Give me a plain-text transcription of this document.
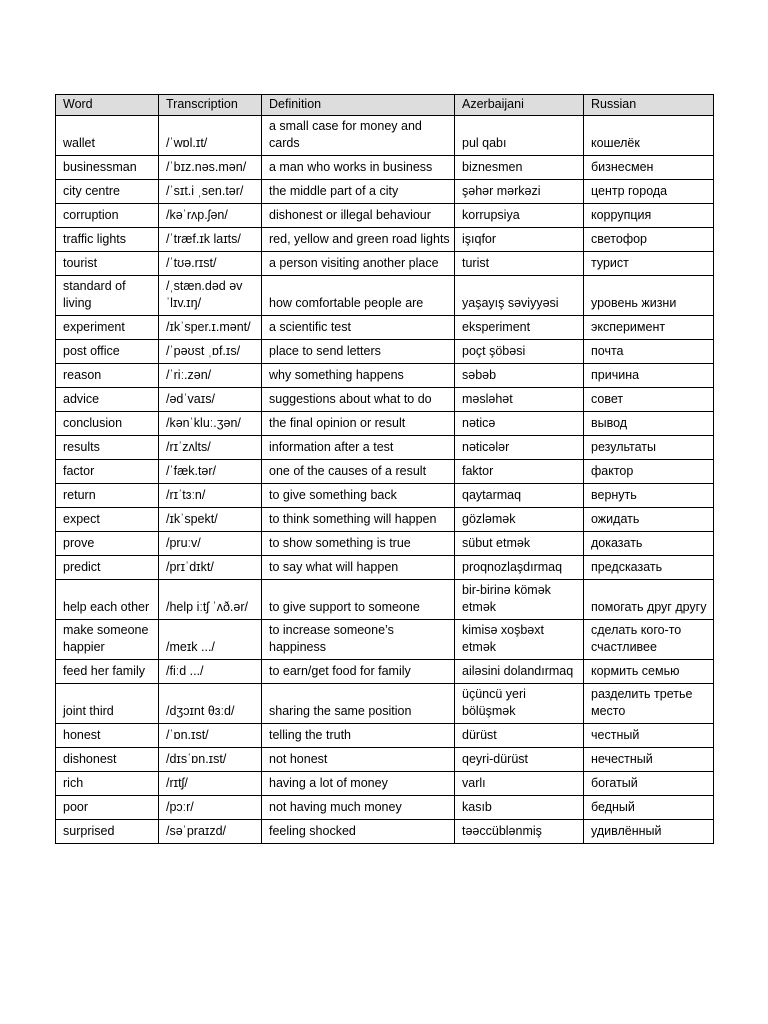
Word	Transcription	Definition	Azerbaijani	Russian
wallet	/ˈwɒl.ɪt/	a small case for money and cards	pul qabı	кошелёк
businessman	/ˈbɪz.nəs.mən/	a man who works in business	biznesmen	бизнесмен
city centre	/ˈsɪt.i ˌsen.tər/	the middle part of a city	şəhər mərkəzi	центр города
corruption	/kəˈrʌp.ʃən/	dishonest or illegal behaviour	korrupsiya	коррупция
traffic lights	/ˈtræf.ɪk laɪts/	red, yellow and green road lights	işıqfor	светофор
tourist	/ˈtʊə.rɪst/	a person visiting another place	turist	турист
standard of living	/ˌstæn.dəd əv ˈlɪv.ɪŋ/	how comfortable people are	yaşayış səviyyəsi	уровень жизни
experiment	/ɪkˈsper.ɪ.mənt/	a scientific test	eksperiment	эксперимент
post office	/ˈpəʊst ˌɒf.ɪs/	place to send letters	poçt şöbəsi	почта
reason	/ˈriː.zən/	why something happens	səbəb	причина
advice	/ədˈvaɪs/	suggestions about what to do	məsləhət	совет
conclusion	/kənˈkluː.ʒən/	the final opinion or result	nəticə	вывод
results	/rɪˈzʌlts/	information after a test	nəticələr	результаты
factor	/ˈfæk.tər/	one of the causes of a result	faktor	фактор
return	/rɪˈtɜːn/	to give something back	qaytarmaq	вернуть
expect	/ɪkˈspekt/	to think something will happen	gözləmək	ожидать
prove	/pruːv/	to show something is true	sübut etmək	доказать
predict	/prɪˈdɪkt/	to say what will happen	proqnozlaşdırmaq	предсказать
help each other	/help iːtʃ ˈʌð.ər/	to give support to someone	bir-birinə kömək etmək	помогать друг другу
make someone happier	/meɪk .../	to increase someone’s happiness	kimisə xoşbəxt etmək	сделать кого-то счастливее
feed her family	/fiːd .../	to earn/get food for family	ailəsini dolandırmaq	кормить семью
joint third	/dʒɔɪnt θɜːd/	sharing the same position	üçüncü yeri bölüşmək	разделить третье место
honest	/ˈɒn.ɪst/	telling the truth	dürüst	честный
dishonest	/dɪsˈɒn.ɪst/	not honest	qeyri-dürüst	нечестный
rich	/rɪtʃ/	having a lot of money	varlı	богатый
poor	/pɔːr/	not having much money	kasıb	бедный
surprised	/səˈpraɪzd/	feeling shocked	təəccüblənmiş	удивлённый
